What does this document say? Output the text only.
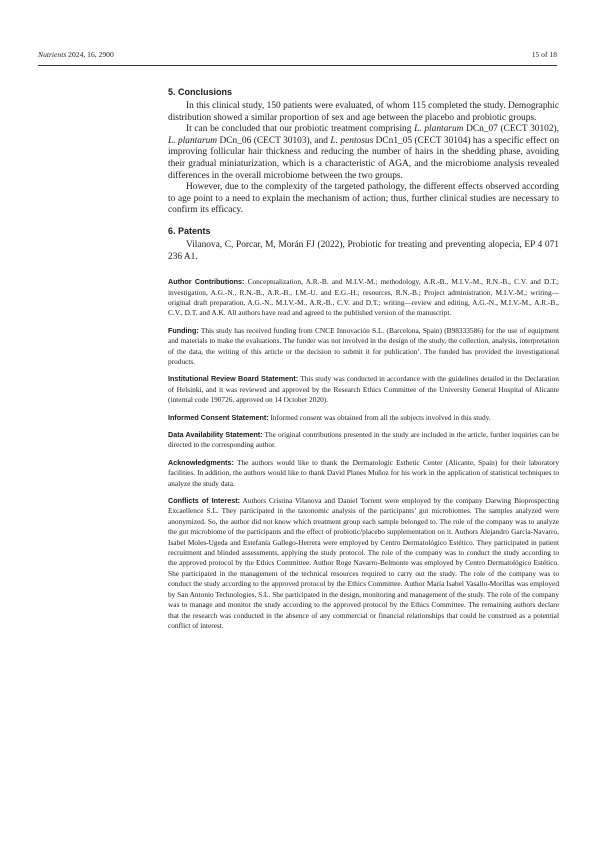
Nutrients 2024, 16, 2900	15 of 18
5. Conclusions

In this clinical study, 150 patients were evaluated, of whom 115 completed the study. Demographic distribution showed a similar proportion of sex and age between the placebo and probiotic groups.

It can be concluded that our probiotic treatment comprising L. plantarum DCn_07 (CECT 30102), L. plantarum DCn_06 (CECT 30103), and L. pentosus DCn1_05 (CECT 30104) has a specific effect on improving follicular hair thickness and reducing the number of hairs in the shedding phase, avoiding their gradual miniaturization, which is a characteristic of AGA, and the microbiome analysis revealed differences in the overall microbiome between the two groups.

However, due to the complexity of the targeted pathology, the different effects observed according to age point to a need to explain the mechanism of action; thus, further clinical studies are necessary to confirm its efficacy.

6. Patents

Vilanova, C, Porcar, M, Morán FJ (2022), Probiotic for treating and preventing alopecia, EP 4 071 236 A1.

Author Contributions: Conceptualization, A.R.-B. and M.I.V.-M.; methodology, A.R.-B., M.I.V.-M., R.N.-B., C.V. and D.T.; investigation, A.G.-N., R.N.-B., A.R.-B., I.M.-U. and E.G.-H.; resources, R.N.-B.; Project administration, M.I.V.-M.; writing—original draft preparation, A.G.-N., M.I.V.-M., A.R.-B., C.V. and D.T.; writing—review and editing, A.G.-N., M.I.V.-M., A.R.-B., C.V., D.T. and A.K. All authors have read and agreed to the published version of the manuscript.

Funding: This study has received funding from CNCE Innovación S.L. (Barcelona, Spain) (B98333586) for the use of equipment and materials to make the evaluations. The funder was not involved in the design of the study, the collection, analysis, interpretation of the data, the writing of this article or the decision to submit it for publication’. The funded has provided the investigational products.

Institutional Review Board Statement: This study was conducted in accordance with the guidelines detailed in the Declaration of Helsinki, and it was reviewed and approved by the Research Ethics Committee of the University General Hospital of Alicante (internal code 190726, approved on 14 October 2020).

Informed Consent Statement: Informed consent was obtained from all the subjects involved in this study.

Data Availability Statement: The original contributions presented in the study are included in the article, further inquiries can be directed to the corresponding author.

Acknowledgments: The authors would like to thank the Dermatologic Esthetic Center (Alicante, Spain) for their laboratory facilities. In addition, the authors would like to thank David Planes Muñoz for his work in the application of statistical techniques to analyze the study data.

Conflicts of Interest: Authors Cristina Vilanova and Daniel Torrent were employed by the company Darwing Bioprospecting Excaellence S.L. They participated in the taxonomic analysis of the participants’ gut microbiomes. The samples analyzed were anonymized. So, the author did not know which treatment group each sample belonged to. The role of the company was to analyze the gut microbiome of the participants and the effect of probiotic/placebo supplementation on it. Authors Alejandro García-Navarro, Isabel Moles-Ugeda and Estefanía Gallego-Herrera were employed by Centro Dermatológico Estético. They participated in patient recruitment and blinded assessments, applying the study protocol. The role of the company was to conduct the study according to the approved protocol by the Ethics Committee. Author Roge Navarro-Belmonte was employed by Centro Dermatológico Estético. She participated in the management of the technical resources required to carry out the study. The role of the company was to conduct the study according to the approved protocol by the Ethics Committee. Author María Isabel Vasallo-Morillas was employed by San Antonio Technologies, S.L. She participated in the design, monitoring and management of the study. The role of the company was to manage and monitor the study according to the approved protocol by the Ethics Committee. The remaining authors declare that the research was conducted in the absence of any commercial or financial relationships that could be construed as a potential conflict of interest.
